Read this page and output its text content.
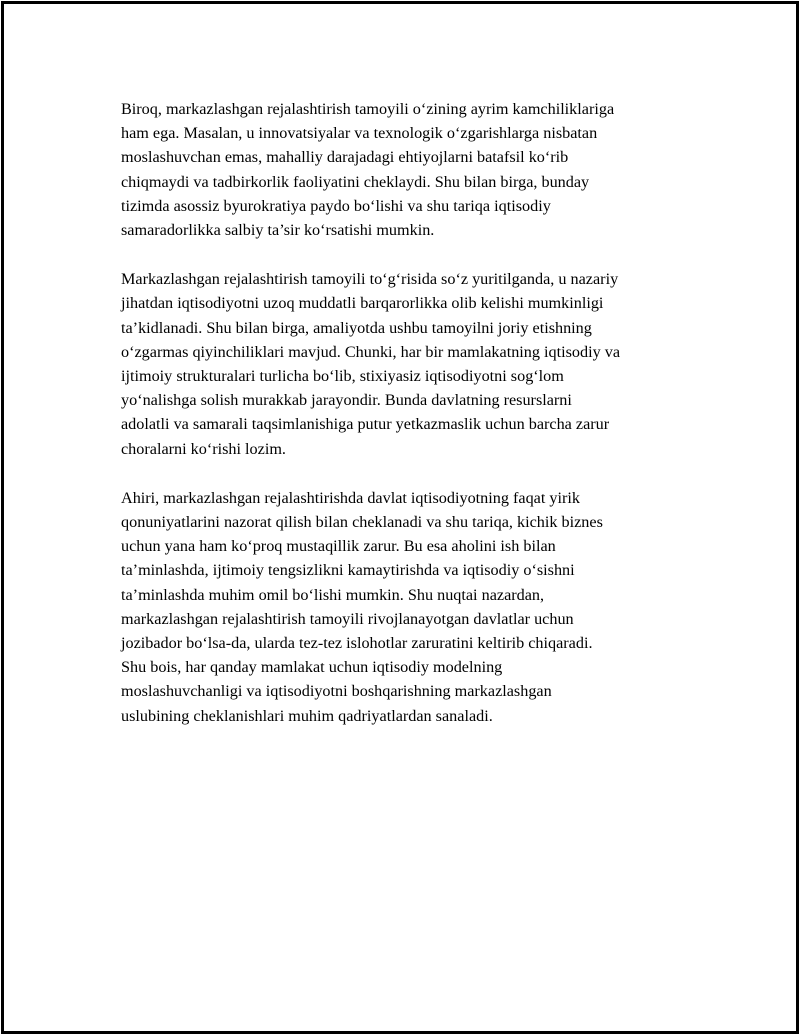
Biroq, markazlashgan rejalashtirish tamoyili o‘zining ayrim kamchiliklariga
ham ega. Masalan, u innovatsiyalar va texnologik o‘zgarishlarga nisbatan
moslashuvchan emas, mahalliy darajadagi ehtiyojlarni batafsil ko‘rib
chiqmaydi va tadbirkorlik faoliyatini cheklaydi. Shu bilan birga, bunday
tizimda asossiz byurokratiya paydo bo‘lishi va shu tariqa iqtisodiy
samaradorlikka salbiy ta’sir ko‘rsatishi mumkin.

Markazlashgan rejalashtirish tamoyili to‘g‘risida so‘z yuritilganda, u nazariy
jihatdan iqtisodiyotni uzoq muddatli barqarorlikka olib kelishi mumkinligi
ta’kidlanadi. Shu bilan birga, amaliyotda ushbu tamoyilni joriy etishning
o‘zgarmas qiyinchiliklari mavjud. Chunki, har bir mamlakatning iqtisodiy va
ijtimoiy strukturalari turlicha bo‘lib, stixiyasiz iqtisodiyotni sog‘lom
yo‘nalishga solish murakkab jarayondir. Bunda davlatning resurslarni
adolatli va samarali taqsimlanishiga putur yetkazmaslik uchun barcha zarur
choralarni ko‘rishi lozim.

Ahiri, markazlashgan rejalashtirishda davlat iqtisodiyotning faqat yirik
qonuniyatlarini nazorat qilish bilan cheklanadi va shu tariqa, kichik biznes
uchun yana ham ko‘proq mustaqillik zarur. Bu esa aholini ish bilan
ta’minlashda, ijtimoiy tengsizlikni kamaytirishda va iqtisodiy o‘sishni
ta’minlashda muhim omil bo‘lishi mumkin. Shu nuqtai nazardan,
markazlashgan rejalashtirish tamoyili rivojlanayotgan davlatlar uchun
jozibador bo‘lsa-da, ularda tez-tez islohotlar zaruratini keltirib chiqaradi.
Shu bois, har qanday mamlakat uchun iqtisodiy modelning
moslashuvchanligi va iqtisodiyotni boshqarishning markazlashgan
uslubining cheklanishlari muhim qadriyatlardan sanaladi.
